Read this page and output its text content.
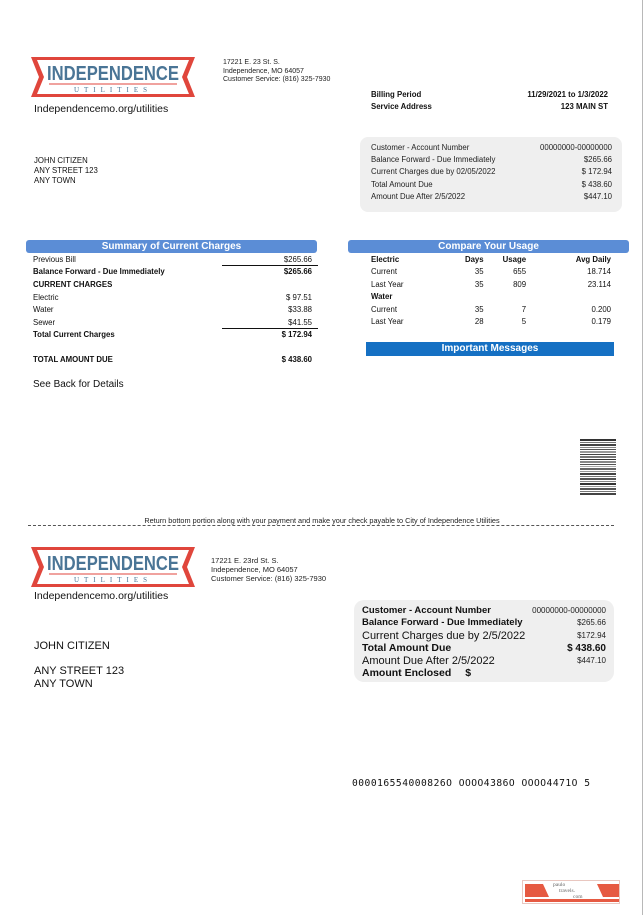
INDEPENDENCE
UTILITIES
17221 E. 23 St. S.
Independence, MO 64057
Customer Service: (816) 325-7930
Independencemo.org/utilities
Billing Period	11/29/2021 to 1/3/2022
Service Address	123 MAIN ST
Customer - Account Number	00000000-00000000
Balance Forward - Due Immediately	$265.66
Current Charges due by 02/05/2022	$ 172.94
Total Amount Due	$ 438.60
Amount Due After 2/5/2022	$447.10
JOHN CITIZEN
ANY STREET 123
ANY TOWN
Summary of Current Charges
Previous Bill	$265.66
Balance Forward - Due Immediately	$265.66
CURRENT CHARGES
Electric	$ 97.51
Water	$33.88
Sewer	$41.55
Total Current Charges	$ 172.94
TOTAL AMOUNT DUE	$ 438.60
See Back for Details
Compare Your Usage
Electric	Days	Usage	Avg Daily
Current	35	655	18.714
Last Year	35	809	23.114
Water
Current	35	7	0.200
Last Year	28	5	0.179
Important Messages
Return bottom portion along with your payment and make your check payable to City of Independence Utilities
INDEPENDENCE
UTILITIES
17221 E. 23rd St. S.
Independence, MO 64057
Customer Service: (816) 325-7930
Independencemo.org/utilities
Customer - Account Number	00000000-00000000
Balance Forward - Due Immediately	$265.66
Current Charges due by 2/5/2022	$172.94
Total Amount Due	$ 438.60
Amount Due After 2/5/2022	$447.10
Amount Enclosed $
JOHN CITIZEN
ANY STREET 123
ANY TOWN
000016554000826O OOOO4386O OOOO4471O 5
paulo
travels.
com
